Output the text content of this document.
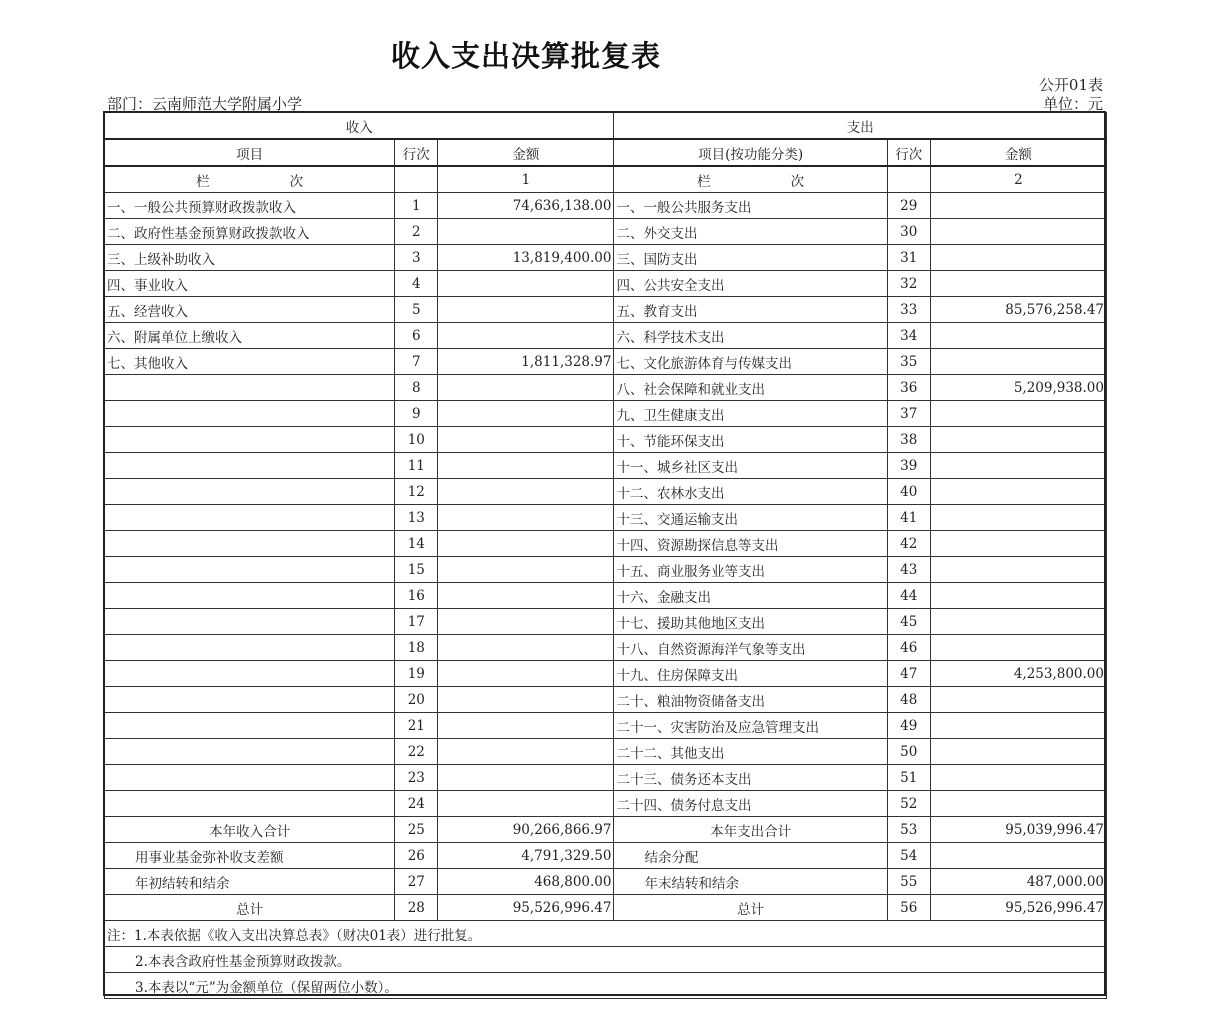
收入支出决算批复表
公开01表
部门：云南师范大学附属小学	单位：元
收入			支出		
项目	行次	金额	项目(按功能分类)	行次	金额
栏 次		1	栏 次		2
一、一般公共预算财政拨款收入	1	74,636,138.00	一、一般公共服务支出	29	
二、政府性基金预算财政拨款收入	2		二、外交支出	30	
三、上级补助收入	3	13,819,400.00	三、国防支出	31	
四、事业收入	4		四、公共安全支出	32	
五、经营收入	5		五、教育支出	33	85,576,258.47
六、附属单位上缴收入	6		六、科学技术支出	34	
七、其他收入	7	1,811,328.97	七、文化旅游体育与传媒支出	35	
	8		八、社会保障和就业支出	36	5,209,938.00
	9		九、卫生健康支出	37	
	10		十、节能环保支出	38	
	11		十一、城乡社区支出	39	
	12		十二、农林水支出	40	
	13		十三、交通运输支出	41	
	14		十四、资源勘探信息等支出	42	
	15		十五、商业服务业等支出	43	
	16		十六、金融支出	44	
	17		十七、援助其他地区支出	45	
	18		十八、自然资源海洋气象等支出	46	
	19		十九、住房保障支出	47	4,253,800.00
	20		二十、粮油物资储备支出	48	
	21		二十一、灾害防治及应急管理支出	49	
	22		二十二、其他支出	50	
	23		二十三、债务还本支出	51	
	24		二十四、债务付息支出	52	
本年收入合计	25	90,266,866.97	本年支出合计	53	95,039,996.47
用事业基金弥补收支差额	26	4,791,329.50	结余分配	54	
年初结转和结余	27	468,800.00	年末结转和结余	55	487,000.00
总计	28	95,526,996.47	总计	56	95,526,996.47
注：1.本表依据《收入支出决算总表》（财决01表）进行批复。					
2.本表含政府性基金预算财政拨款。					
3.本表以“元”为金额单位（保留两位小数）。					
